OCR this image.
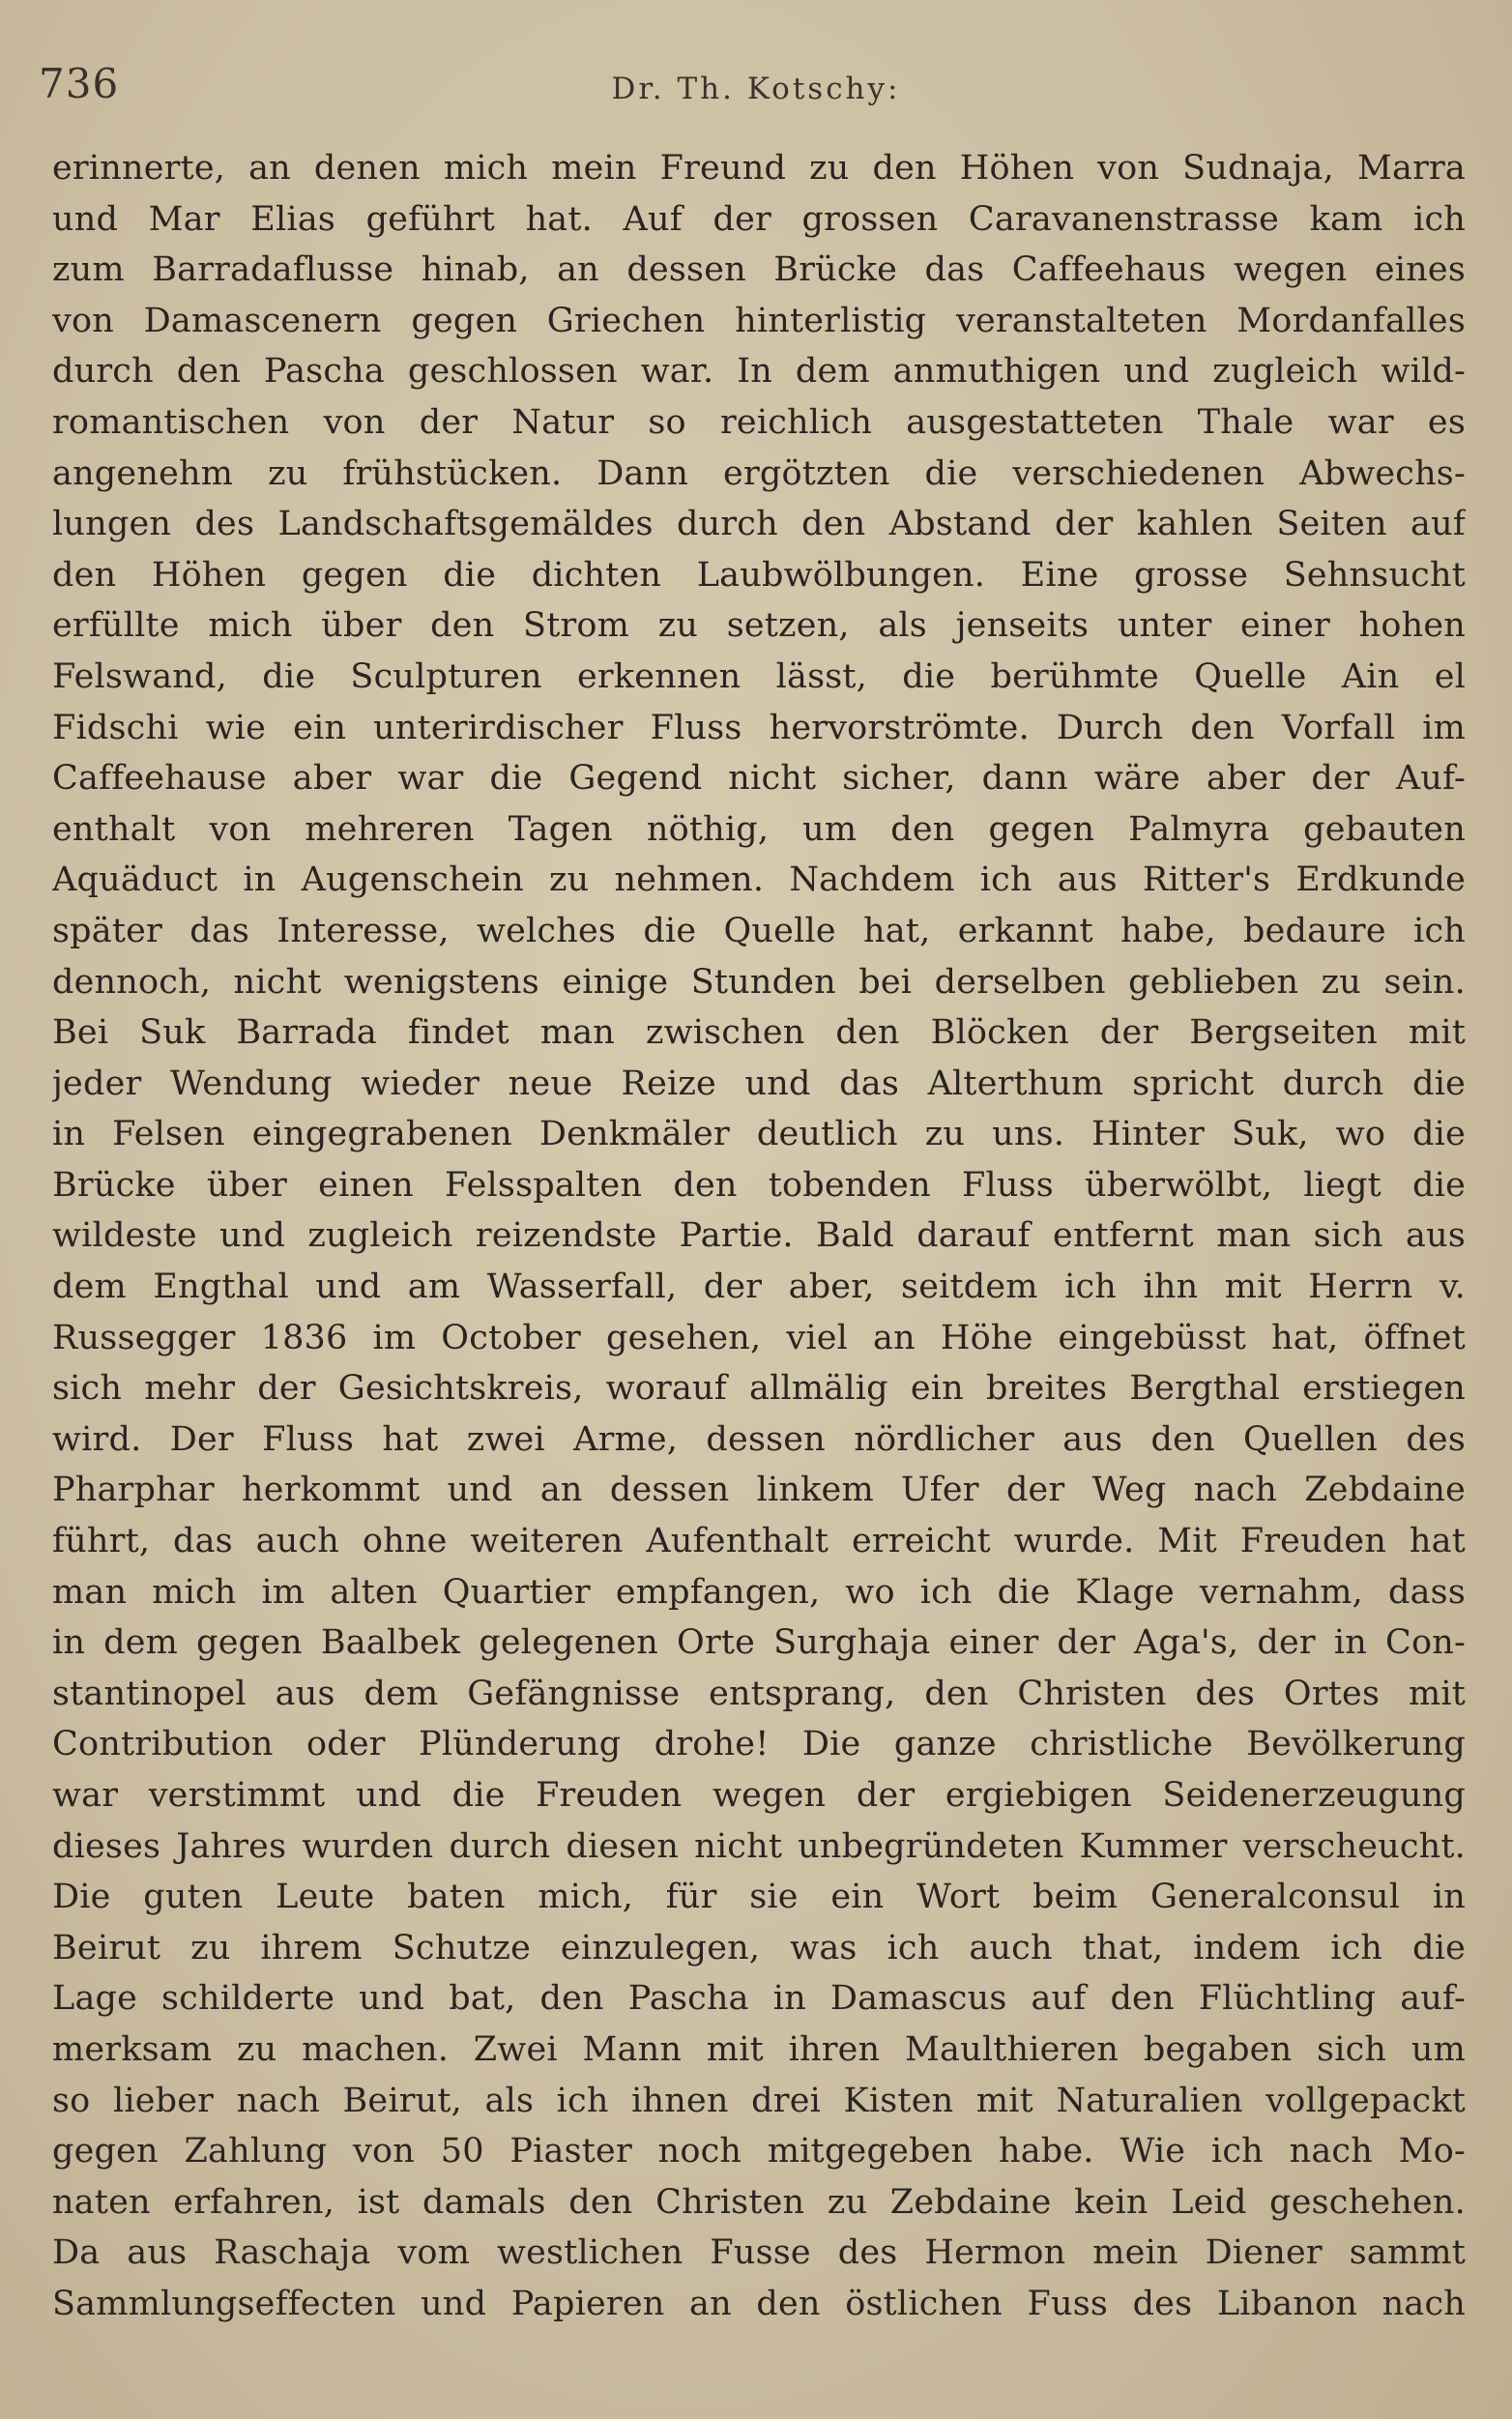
736	Dr. Th. Kotschy:
erinnerte, an denen mich mein Freund zu den Höhen von Sudnaja, Marra
und Mar Elias geführt hat. Auf der grossen Caravanenstrasse kam ich
zum Barradaflusse hinab, an dessen Brücke das Caffeehaus wegen eines
von Damascenern gegen Griechen hinterlistig veranstalteten Mordanfalles
durch den Pascha geschlossen war. In dem anmuthigen und zugleich wild-
romantischen von der Natur so reichlich ausgestatteten Thale war es
angenehm zu frühstücken. Dann ergötzten die verschiedenen Abwechs-
lungen des Landschaftsgemäldes durch den Abstand der kahlen Seiten auf
den Höhen gegen die dichten Laubwölbungen. Eine grosse Sehnsucht
erfüllte mich über den Strom zu setzen, als jenseits unter einer hohen
Felswand, die Sculpturen erkennen lässt, die berühmte Quelle Ain el
Fidschi wie ein unterirdischer Fluss hervorströmte. Durch den Vorfall im
Caffeehause aber war die Gegend nicht sicher, dann wäre aber der Auf-
enthalt von mehreren Tagen nöthig, um den gegen Palmyra gebauten
Aquäduct in Augenschein zu nehmen. Nachdem ich aus Ritter's Erdkunde
später das Interesse, welches die Quelle hat, erkannt habe, bedaure ich
dennoch, nicht wenigstens einige Stunden bei derselben geblieben zu sein.
Bei Suk Barrada findet man zwischen den Blöcken der Bergseiten mit
jeder Wendung wieder neue Reize und das Alterthum spricht durch die
in Felsen eingegrabenen Denkmäler deutlich zu uns. Hinter Suk, wo die
Brücke über einen Felsspalten den tobenden Fluss überwölbt, liegt die
wildeste und zugleich reizendste Partie. Bald darauf entfernt man sich aus
dem Engthal und am Wasserfall, der aber, seitdem ich ihn mit Herrn v.
Russegger 1836 im October gesehen, viel an Höhe eingebüsst hat, öffnet
sich mehr der Gesichtskreis, worauf allmälig ein breites Bergthal erstiegen
wird. Der Fluss hat zwei Arme, dessen nördlicher aus den Quellen des
Pharphar herkommt und an dessen linkem Ufer der Weg nach Zebdaine
führt, das auch ohne weiteren Aufenthalt erreicht wurde. Mit Freuden hat
man mich im alten Quartier empfangen, wo ich die Klage vernahm, dass
in dem gegen Baalbek gelegenen Orte Surghaja einer der Aga's, der in Con-
stantinopel aus dem Gefängnisse entsprang, den Christen des Ortes mit
Contribution oder Plünderung drohe! Die ganze christliche Bevölkerung
war verstimmt und die Freuden wegen der ergiebigen Seidenerzeugung
dieses Jahres wurden durch diesen nicht unbegründeten Kummer verscheucht.
Die guten Leute baten mich, für sie ein Wort beim Generalconsul in
Beirut zu ihrem Schutze einzulegen, was ich auch that, indem ich die
Lage schilderte und bat, den Pascha in Damascus auf den Flüchtling auf-
merksam zu machen. Zwei Mann mit ihren Maulthieren begaben sich um
so lieber nach Beirut, als ich ihnen drei Kisten mit Naturalien vollgepackt
gegen Zahlung von 50 Piaster noch mitgegeben habe. Wie ich nach Mo-
naten erfahren, ist damals den Christen zu Zebdaine kein Leid geschehen.
Da aus Raschaja vom westlichen Fusse des Hermon mein Diener sammt
Sammlungseffecten und Papieren an den östlichen Fuss des Libanon nach
